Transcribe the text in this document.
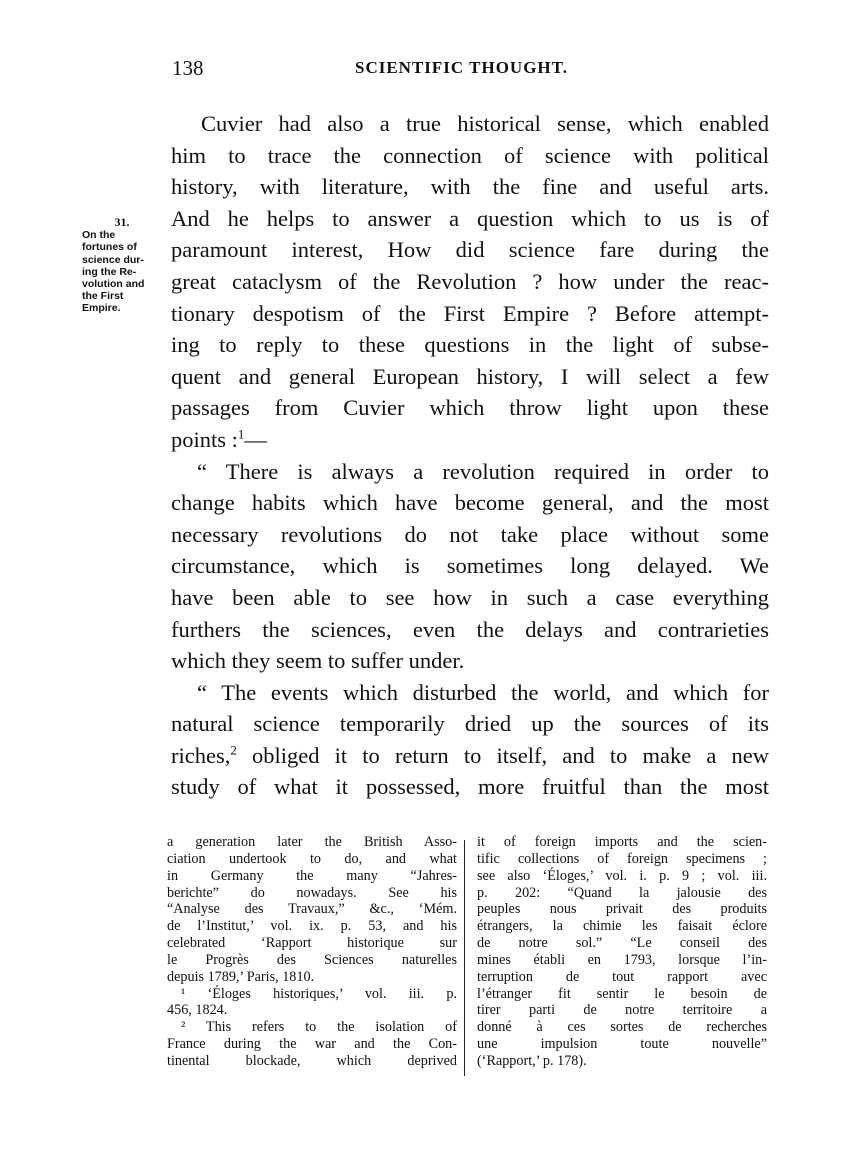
138	SCIENTIFIC THOUGHT.
31.
On the
fortunes of
science dur-
ing the Re-
volution and
the First
Empire.
Cuvier had also a true historical sense, which enabled
him to trace the connection of science with political
history, with literature, with the fine and useful arts.
And he helps to answer a question which to us is of
paramount interest, How did science fare during the
great cataclysm of the Revolution ? how under the reac-
tionary despotism of the First Empire ? Before attempt-
ing to reply to these questions in the light of subse-
quent and general European history, I will select a few
passages from Cuvier which throw light upon these
points :$^1$—
“ There is always a revolution required in order to
change habits which have become general, and the most
necessary revolutions do not take place without some
circumstance, which is sometimes long delayed. We
have been able to see how in such a case everything
furthers the sciences, even the delays and contrarieties
which they seem to suffer under.
“ The events which disturbed the world, and which for
natural science temporarily dried up the sources of its
riches,$^2$ obliged it to return to itself, and to make a new
study of what it possessed, more fruitful than the most
a generation later the British Asso-
ciation undertook to do, and what
in Germany the many “Jahres-
berichte” do nowadays. See his
“Analyse des Travaux,” &c., ‘Mém.
de l’Institut,’ vol. ix. p. 53, and his
celebrated ‘Rapport historique sur
le Progrès des Sciences naturelles
depuis 1789,’ Paris, 1810.
¹ ‘Éloges historiques,’ vol. iii. p.
456, 1824.
² This refers to the isolation of
France during the war and the Con-
tinental blockade, which deprived
it of foreign imports and the scien-
tific collections of foreign specimens ;
see also ‘Éloges,’ vol. i. p. 9 ; vol. iii.
p. 202: “Quand la jalousie des
peuples nous privait des produits
étrangers, la chimie les faisait éclore
de notre sol.” “Le conseil des
mines établi en 1793, lorsque l’in-
terruption de tout rapport avec
l’étranger fit sentir le besoin de
tirer parti de notre territoire a
donné à ces sortes de recherches
une impulsion toute nouvelle”
(‘Rapport,’ p. 178).
